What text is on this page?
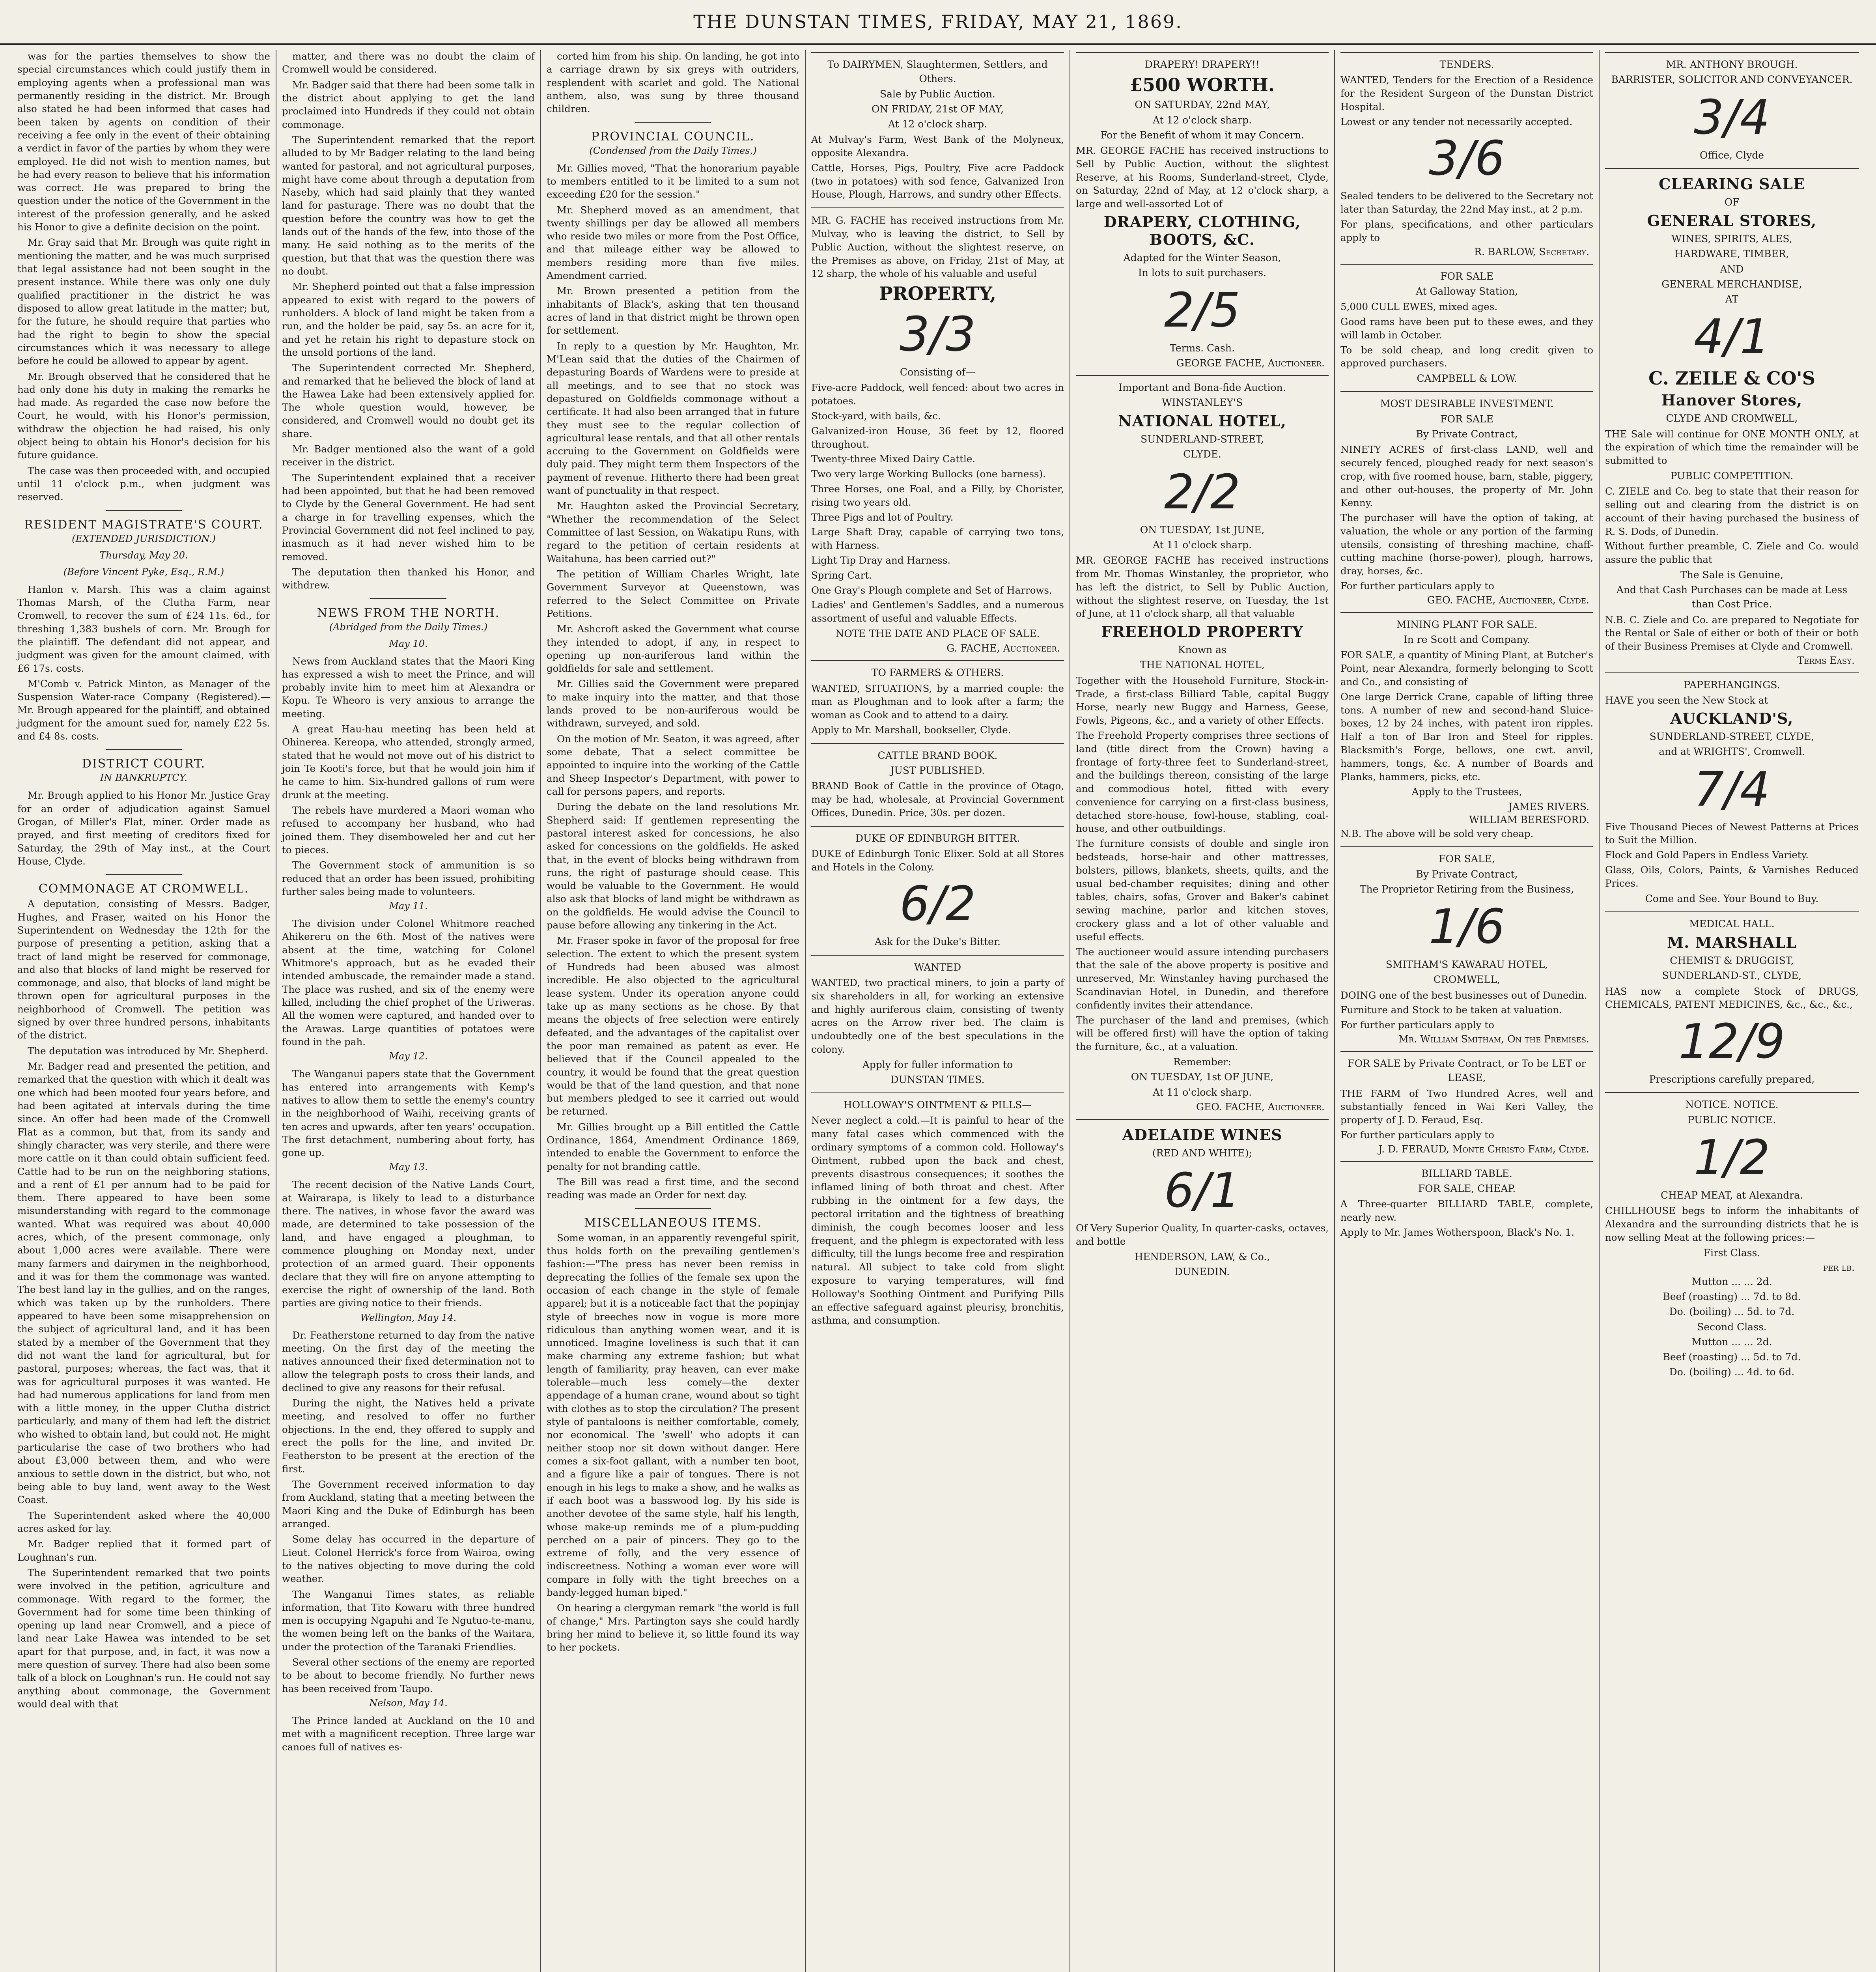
THE DUNSTAN TIMES, FRIDAY, MAY 21, 1869.

was for the parties themselves to show the special circumstances which could justify them in employing agents when a professional man was permanently residing in the district. Mr. Brough also stated he had been informed that cases had been taken by agents on condition of their receiving a fee only in the event of their obtaining a verdict in favor of the parties by whom they were employed. He did not wish to mention names, but he had every reason to believe that his information was correct. He was prepared to bring the question under the notice of the Government in the interest of the profession generally, and he asked his Honor to give a definite decision on the point.

Mr. Gray said that Mr. Brough was quite right in mentioning the matter, and he was much surprised that legal assistance had not been sought in the present instance. While there was only one duly qualified practitioner in the district he was disposed to allow great latitude in the matter; but, for the future, he should require that parties who had the right to begin to show the special circumstances which it was necessary to allege before he could be allowed to appear by agent.

Mr. Brough observed that he considered that he had only done his duty in making the remarks he had made. As regarded the case now before the Court, he would, with his Honor's permission, withdraw the objection he had raised, his only object being to obtain his Honor's decision for his future guidance.

The case was then proceeded with, and occupied until 11 o'clock p.m., when judgment was reserved.

RESIDENT MAGISTRATE'S COURT.
(EXTENDED JURISDICTION.)
Thursday, May 20.
(Before Vincent Pyke, Esq., R.M.)

Hanlon v. Marsh. This was a claim against Thomas Marsh, of the Clutha Farm, near Cromwell, to recover the sum of £24 11s. 6d., for threshing 1,383 bushels of corn. Mr. Brough for the plaintiff. The defendant did not appear, and judgment was given for the amount claimed, with £6 17s. costs.

M'Comb v. Patrick Minton, as Manager of the Suspension Water-race Company (Registered).—Mr. Brough appeared for the plaintiff, and obtained judgment for the amount sued for, namely £22 5s. and £4 8s. costs.

DISTRICT COURT.
IN BANKRUPTCY.

Mr. Brough applied to his Honor Mr. Justice Gray for an order of adjudication against Samuel Grogan, of Miller's Flat, miner. Order made as prayed, and first meeting of creditors fixed for Saturday, the 29th of May inst., at the Court House, Clyde.

COMMONAGE AT CROMWELL.

A deputation, consisting of Messrs. Badger, Hughes, and Fraser, waited on his Honor the Superintendent on Wednesday the 12th for the purpose of presenting a petition, asking that a tract of land might be reserved for commonage, and also that blocks of land might be reserved for commonage, and also, that blocks of land might be thrown open for agricultural purposes in the neighborhood of Cromwell. The petition was signed by over three hundred persons, inhabitants of the district.

The deputation was introduced by Mr. Shepherd.

Mr. Badger read and presented the petition, and remarked that the question with which it dealt was one which had been mooted four years before, and had been agitated at intervals during the time since. An offer had been made of the Cromwell Flat as a common, but that, from its sandy and shingly character, was very sterile, and there were more cattle on it than could obtain sufficient feed. Cattle had to be run on the neighboring stations, and a rent of £1 per annum had to be paid for them. There appeared to have been some misunderstanding with regard to the commonage wanted. What was required was about 40,000 acres, which, of the present commonage, only about 1,000 acres were available. There were many farmers and dairymen in the neighborhood, and it was for them the commonage was wanted. The best land lay in the gullies, and on the ranges, which was taken up by the runholders. There appeared to have been some misapprehension on the subject of agricultural land, and it has been stated by a member of the Government that they did not want the land for agricultural, but for pastoral, purposes; whereas, the fact was, that it was for agricultural purposes it was wanted. He had had numerous applications for land from men with a little money, in the upper Clutha district particularly, and many of them had left the district who wished to obtain land, but could not. He might particularise the case of two brothers who had about £3,000 between them, and who were anxious to settle down in the district, but who, not being able to buy land, went away to the West Coast.

The Superintendent asked where the 40,000 acres asked for lay.

Mr. Badger replied that it formed part of Loughnan's run.

The Superintendent remarked that two points were involved in the petition, agriculture and commonage. With regard to the former, the Government had for some time been thinking of opening up land near Cromwell, and a piece of land near Lake Hawea was intended to be set apart for that purpose, and, in fact, it was now a mere question of survey. There had also been some talk of a block on Loughnan's run. He could not say anything about commonage, the Government would deal with that

matter, and there was no doubt the claim of Cromwell would be considered.

Mr. Badger said that there had been some talk in the district about applying to get the land proclaimed into Hundreds if they could not obtain commonage.

The Superintendent remarked that the report alluded to by Mr Badger relating to the land being wanted for pastoral, and not agricultural purposes, might have come about through a deputation from Naseby, which had said plainly that they wanted land for pasturage. There was no doubt that the question before the country was how to get the lands out of the hands of the few, into those of the many. He said nothing as to the merits of the question, but that that was the question there was no doubt.

Mr. Shepherd pointed out that a false impression appeared to exist with regard to the powers of runholders. A block of land might be taken from a run, and the holder be paid, say 5s. an acre for it, and yet he retain his right to depasture stock on the unsold portions of the land.

The Superintendent corrected Mr. Shepherd, and remarked that he believed the block of land at the Hawea Lake had been extensively applied for. The whole question would, however, be considered, and Cromwell would no doubt get its share.

Mr. Badger mentioned also the want of a gold receiver in the district.

The Superintendent explained that a receiver had been appointed, but that he had been removed to Clyde by the General Government. He had sent a charge in for travelling expenses, which the Provincial Government did not feel inclined to pay, inasmuch as it had never wished him to be removed.

The deputation then thanked his Honor, and withdrew.

NEWS FROM THE NORTH.
(Abridged from the Daily Times.)
May 10.

News from Auckland states that the Maori King has expressed a wish to meet the Prince, and will probably invite him to meet him at Alexandra or Kopu. Te Wheoro is very anxious to arrange the meeting.

A great Hau-hau meeting has been held at Ohinerea. Kereopa, who attended, strongly armed, stated that he would not move out of his district to join Te Kooti's force, but that he would join him if he came to him. Six-hundred gallons of rum were drunk at the meeting.

The rebels have murdered a Maori woman who refused to accompany her husband, who had joined them. They disemboweled her and cut her to pieces.

The Government stock of ammunition is so reduced that an order has been issued, prohibiting further sales being made to volunteers.

May 11.

The division under Colonel Whitmore reached Ahikereru on the 6th. Most of the natives were absent at the time, watching for Colonel Whitmore's approach, but as he evaded their intended ambuscade, the remainder made a stand. The place was rushed, and six of the enemy were killed, including the chief prophet of the Uriweras. All the women were captured, and handed over to the Arawas. Large quantities of potatoes were found in the pah.

May 12.

The Wanganui papers state that the Government has entered into arrangements with Kemp's natives to allow them to settle the enemy's country in the neighborhood of Waihi, receiving grants of ten acres and upwards, after ten years' occupation. The first detachment, numbering about forty, has gone up.

May 13.

The recent decision of the Native Lands Court, at Wairarapa, is likely to lead to a disturbance there. The natives, in whose favor the award was made, are determined to take possession of the land, and have engaged a ploughman, to commence ploughing on Monday next, under protection of an armed guard. Their opponents declare that they will fire on anyone attempting to exercise the right of ownership of the land. Both parties are giving notice to their friends.

Wellington, May 14.

Dr. Featherstone returned to day from the native meeting. On the first day of the meeting the natives announced their fixed determination not to allow the telegraph posts to cross their lands, and declined to give any reasons for their refusal.

During the night, the Natives held a private meeting, and resolved to offer no further objections. In the end, they offered to supply and erect the polls for the line, and invited Dr. Featherston to be present at the erection of the first.

The Government received information to day from Auckland, stating that a meeting between the Maori King and the Duke of Edinburgh has been arranged.

Some delay has occurred in the departure of Lieut. Colonel Herrick's force from Wairoa, owing to the natives objecting to move during the cold weather.

The Wanganui Times states, as reliable information, that Tito Kowaru with three hundred men is occupying Ngapuhi and Te Ngutuo-te-manu, the women being left on the banks of the Waitara, under the protection of the Taranaki Friendlies.

Several other sections of the enemy are reported to be about to become friendly. No further news has been received from Taupo.

Nelson, May 14.

The Prince landed at Auckland on the 10 and met with a magnificent reception. Three large war canoes full of natives es-

corted him from his ship. On landing, he got into a carriage drawn by six greys with outriders, resplendent with scarlet and gold. The National anthem, also, was sung by three thousand children.

PROVINCIAL COUNCIL.
(Condensed from the Daily Times.)

Mr. Gillies moved, "That the honorarium payable to members entitled to it be limited to a sum not exceeding £20 for the session."

Mr. Shepherd moved as an amendment, that twenty shillings per day be allowed all members who reside two miles or more from the Post Office, and that mileage either way be allowed to members residing more than five miles. Amendment carried.

Mr. Brown presented a petition from the inhabitants of Black's, asking that ten thousand acres of land in that district might be thrown open for settlement.

In reply to a question by Mr. Haughton, Mr. M'Lean said that the duties of the Chairmen of depasturing Boards of Wardens were to preside at all meetings, and to see that no stock was depastured on Goldfields commonage without a certificate. It had also been arranged that in future they must see to the regular collection of agricultural lease rentals, and that all other rentals accruing to the Government on Goldfields were duly paid. They might term them Inspectors of the payment of revenue. Hitherto there had been great want of punctuality in that respect.

Mr. Haughton asked the Provincial Secretary, "Whether the recommendation of the Select Committee of last Session, on Wakatipu Runs, with regard to the petition of certain residents at Waitahuna, has been carried out?"

The petition of William Charles Wright, late Government Surveyor at Queenstown, was referred to the Select Committee on Private Petitions.

Mr. Ashcroft asked the Government what course they intended to adopt, if any, in respect to opening up non-auriferous land within the goldfields for sale and settlement.

Mr. Gillies said the Government were prepared to make inquiry into the matter, and that those lands proved to be non-auriferous would be withdrawn, surveyed, and sold.

On the motion of Mr. Seaton, it was agreed, after some debate, That a select committee be appointed to inquire into the working of the Cattle and Sheep Inspector's Department, with power to call for persons papers, and reports.

During the debate on the land resolutions Mr. Shepherd said: If gentlemen representing the pastoral interest asked for concessions, he also asked for concessions on the goldfields. He asked that, in the event of blocks being withdrawn from runs, the right of pasturage should cease. This would be valuable to the Government. He would also ask that blocks of land might be withdrawn as on the goldfields. He would advise the Council to pause before allowing any tinkering in the Act.

Mr. Fraser spoke in favor of the proposal for free selection. The extent to which the present system of Hundreds had been abused was almost incredible. He also objected to the agricultural lease system. Under its operation anyone could take up as many sections as he chose. By that means the objects of free selection were entirely defeated, and the advantages of the capitalist over the poor man remained as patent as ever. He believed that if the Council appealed to the country, it would be found that the great question would be that of the land question, and that none but members pledged to see it carried out would be returned.

Mr. Gillies brought up a Bill entitled the Cattle Ordinance, 1864, Amendment Ordinance 1869, intended to enable the Government to enforce the penalty for not branding cattle.

The Bill was read a first time, and the second reading was made an Order for next day.

MISCELLANEOUS ITEMS.

Some woman, in an apparently revengeful spirit, thus holds forth on the prevailing gentlemen's fashion:—"The press has never been remiss in deprecating the follies of the female sex upon the occasion of each change in the style of female apparel; but it is a noticeable fact that the popinjay style of breeches now in vogue is more more ridiculous than anything women wear, and it is unnoticed. Imagine loveliness is such that it can make charming any extreme fashion; but what length of familiarity, pray heaven, can ever make tolerable—much less comely—the dexter appendage of a human crane, wound about so tight with clothes as to stop the circulation? The present style of pantaloons is neither comfortable, comely, nor economical. The 'swell' who adopts it can neither stoop nor sit down without danger. Here comes a six-foot gallant, with a number ten boot, and a figure like a pair of tongues. There is not enough in his legs to make a show, and he walks as if each boot was a basswood log. By his side is another devotee of the same style, half his length, whose make-up reminds me of a plum-pudding perched on a pair of pincers. They go to the extreme of folly, and the very essence of indiscreetness. Nothing a woman ever wore will compare in folly with the tight breeches on a bandy-legged human biped."

On hearing a clergyman remark "the world is full of change," Mrs. Partington says she could hardly bring her mind to believe it, so little found its way to her pockets.

To DAIRYMEN, Slaughtermen, Settlers, and Others.
Sale by Public Auction.
ON FRIDAY, 21st OF MAY,
At 12 o'clock sharp.

At Mulvay's Farm, West Bank of the Molyneux, opposite Alexandra.

Cattle, Horses, Pigs, Poultry, Five acre Paddock (two in potatoes) with sod fence, Galvanized Iron House, Plough, Harrows, and sundry other Effects.

MR. G. FACHE has received instructions from Mr. Mulvay, who is leaving the district, to Sell by Public Auction, without the slightest reserve, on the Premises as above, on Friday, 21st of May, at 12 sharp, the whole of his valuable and useful

PROPERTY,
3/3
Consisting of—

Five-acre Paddock, well fenced: about two acres in potatoes.

Stock-yard, with bails, &c.

Galvanized-iron House, 36 feet by 12, floored throughout.

Twenty-three Mixed Dairy Cattle.

Two very large Working Bullocks (one barness).

Three Horses, one Foal, and a Filly, by Chorister, rising two years old.

Three Pigs and lot of Poultry.

Large Shaft Dray, capable of carrying two tons, with Harness.

Light Tip Dray and Harness.

Spring Cart.

One Gray's Plough complete and Set of Harrows.

Ladies' and Gentlemen's Saddles, and a numerous assortment of useful and valuable Effects.

NOTE THE DATE AND PLACE OF SALE.
G. FACHE, Auctioneer.
TO FARMERS & OTHERS.

WANTED, SITUATIONS, by a married couple: the man as Ploughman and to look after a farm; the woman as Cook and to attend to a dairy.

Apply to Mr. Marshall, bookseller, Clyde.

CATTLE BRAND BOOK.
JUST PUBLISHED.

BRAND Book of Cattle in the province of Otago, may be had, wholesale, at Provincial Government Offices, Dunedin. Price, 30s. per dozen.

DUKE OF EDINBURGH BITTER.

DUKE of Edinburgh Tonic Elixer. Sold at all Stores and Hotels in the Colony.

6/2
Ask for the Duke's Bitter.
WANTED

WANTED, two practical miners, to join a party of six shareholders in all, for working an extensive and highly auriferous claim, consisting of twenty acres on the Arrow river bed. The claim is undoubtedly one of the best speculations in the colony.

Apply for fuller information to
DUNSTAN TIMES.
HOLLOWAY'S OINTMENT & PILLS—

Never neglect a cold.—It is painful to hear of the many fatal cases which commenced with the ordinary symptoms of a common cold. Holloway's Ointment, rubbed upon the back and chest, prevents disastrous consequences; it soothes the inflamed lining of both throat and chest. After rubbing in the ointment for a few days, the pectoral irritation and the tightness of breathing diminish, the cough becomes looser and less frequent, and the phlegm is expectorated with less difficulty, till the lungs become free and respiration natural. All subject to take cold from slight exposure to varying temperatures, will find Holloway's Soothing Ointment and Purifying Pills an effective safeguard against pleurisy, bronchitis, asthma, and consumption.

DRAPERY! DRAPERY!!
£500 WORTH.
ON SATURDAY, 22nd MAY,
At 12 o'clock sharp.
For the Benefit of whom it may Concern.

MR. GEORGE FACHE has received instructions to Sell by Public Auction, without the slightest Reserve, at his Rooms, Sunderland-street, Clyde, on Saturday, 22nd of May, at 12 o'clock sharp, a large and well-assorted Lot of

DRAPERY, CLOTHING, BOOTS, &C.
Adapted for the Winter Season,
In lots to suit purchasers.
2/5
Terms. Cash.
GEORGE FACHE, Auctioneer.
Important and Bona-fide Auction.
WINSTANLEY'S
NATIONAL HOTEL,
SUNDERLAND-STREET,
CLYDE.
2/2
ON TUESDAY, 1st JUNE,
At 11 o'clock sharp.

MR. GEORGE FACHE has received instructions from Mr. Thomas Winstanley, the proprietor, who has left the district, to Sell by Public Auction, without the slightest reserve, on Tuesday, the 1st of June, at 11 o'clock sharp, all that valuable

FREEHOLD PROPERTY
Known as
THE NATIONAL HOTEL,

Together with the Household Furniture, Stock-in-Trade, a first-class Billiard Table, capital Buggy Horse, nearly new Buggy and Harness, Geese, Fowls, Pigeons, &c., and a variety of other Effects.

The Freehold Property comprises three sections of land (title direct from the Crown) having a frontage of forty-three feet to Sunderland-street, and the buildings thereon, consisting of the large and commodious hotel, fitted with every convenience for carrying on a first-class business, detached store-house, fowl-house, stabling, coal-house, and other outbuildings.

The furniture consists of double and single iron bedsteads, horse-hair and other mattresses, bolsters, pillows, blankets, sheets, quilts, and the usual bed-chamber requisites; dining and other tables, chairs, sofas, Grover and Baker's cabinet sewing machine, parlor and kitchen stoves, crockery glass and a lot of other valuable and useful effects.

The auctioneer would assure intending purchasers that the sale of the above property is positive and unreserved, Mr. Winstanley having purchased the Scandinavian Hotel, in Dunedin, and therefore confidently invites their attendance.

The purchaser of the land and premises, (which will be offered first) will have the option of taking the furniture, &c., at a valuation.

Remember:
ON TUESDAY, 1st OF JUNE,
At 11 o'clock sharp.
GEO. FACHE, Auctioneer.
ADELAIDE WINES
(RED AND WHITE);
6/1

Of Very Superior Quality, In quarter-casks, octaves, and bottle

HENDERSON, LAW, & Co.,
DUNEDIN.
TENDERS.

WANTED, Tenders for the Erection of a Residence for the Resident Surgeon of the Dunstan District Hospital.

Lowest or any tender not necessarily accepted.

3/6

Sealed tenders to be delivered to the Secretary not later than Saturday, the 22nd May inst., at 2 p.m.

For plans, specifications, and other particulars apply to

R. BARLOW, Secretary.
FOR SALE
At Galloway Station,

5,000 CULL EWES, mixed ages.

Good rams have been put to these ewes, and they will lamb in October.

To be sold cheap, and long credit given to approved purchasers.

CAMPBELL & LOW.
MOST DESIRABLE INVESTMENT.
FOR SALE
By Private Contract,

NINETY ACRES of first-class LAND, well and securely fenced, ploughed ready for next season's crop, with five roomed house, barn, stable, piggery, and other out-houses, the property of Mr. John Kenny.

The purchaser will have the option of taking, at valuation, the whole or any portion of the farming utensils, consisting of threshing machine, chaff-cutting machine (horse-power), plough, harrows, dray, horses, &c.

For further particulars apply to

GEO. FACHE, Auctioneer, Clyde.
MINING PLANT FOR SALE.
In re Scott and Company.

FOR SALE, a quantity of Mining Plant, at Butcher's Point, near Alexandra, formerly belonging to Scott and Co., and consisting of

One large Derrick Crane, capable of lifting three tons. A number of new and second-hand Sluice-boxes, 12 by 24 inches, with patent iron ripples. Half a ton of Bar Iron and Steel for ripples. Blacksmith's Forge, bellows, one cwt. anvil, hammers, tongs, &c. A number of Boards and Planks, hammers, picks, etc.

Apply to the Trustees,
JAMES RIVERS.
WILLIAM BERESFORD.

N.B. The above will be sold very cheap.

FOR SALE,
By Private Contract,
The Proprietor Retiring from the Business,
1/6
SMITHAM'S KAWARAU HOTEL,
CROMWELL,

DOING one of the best businesses out of Dunedin.

Furniture and Stock to be taken at valuation.

For further particulars apply to

Mr. William Smitham, On the Premises.
FOR SALE by Private Contract, or To be LET or LEASE,

THE FARM of Two Hundred Acres, well and substantially fenced in Wai Keri Valley, the property of J. D. Feraud, Esq.

For further particulars apply to

J. D. FERAUD, Monte Christo Farm, Clyde.
BILLIARD TABLE.
FOR SALE, CHEAP.

A Three-quarter BILLIARD TABLE, complete, nearly new.

Apply to Mr. James Wotherspoon, Black's No. 1.

MR. ANTHONY BROUGH.
BARRISTER, SOLICITOR AND CONVEYANCER.
3/4
Office, Clyde
CLEARING SALE
OF
GENERAL STORES,
WINES, SPIRITS, ALES,
HARDWARE, TIMBER,
AND
GENERAL MERCHANDISE,
AT
4/1
C. ZEILE & CO'S
Hanover Stores,
CLYDE AND CROMWELL,

THE Sale will continue for ONE MONTH ONLY, at the expiration of which time the remainder will be submitted to

PUBLIC COMPETITION.

C. ZIELE and Co. beg to state that their reason for selling out and clearing from the district is on account of their having purchased the business of R. S. Dods, of Dunedin.

Without further preamble, C. Ziele and Co. would assure the public that

The Sale is Genuine,
And that Cash Purchases can be made at Less than Cost Price.

N.B. C. Ziele and Co. are prepared to Negotiate for the Rental or Sale of either or both of their or both of their Business Premises at Clyde and Cromwell.

Terms Easy.
PAPERHANGINGS.

HAVE you seen the New Stock at

AUCKLAND'S,
SUNDERLAND-STREET, CLYDE,
and at WRIGHTS', Cromwell.
7/4

Five Thousand Pieces of Newest Patterns at Prices to Suit the Million.

Flock and Gold Papers in Endless Variety.

Glass, Oils, Colors, Paints, & Varnishes Reduced Prices.

Come and See. Your Bound to Buy.
MEDICAL HALL.
M. MARSHALL
CHEMIST & DRUGGIST,
SUNDERLAND-ST., CLYDE,

HAS now a complete Stock of DRUGS, CHEMICALS, PATENT MEDICINES, &c., &c., &c.,

12/9
Prescriptions carefully prepared,
NOTICE. NOTICE.
PUBLIC NOTICE.
1/2
CHEAP MEAT, at Alexandra.

CHILLHOUSE begs to inform the inhabitants of Alexandra and the surrounding districts that he is now selling Meat at the following prices:—

First Class.
per lb.
Mutton ... ... 2d.
Beef (roasting) ... 7d. to 8d.
Do. (boiling) ... 5d. to 7d.
Second Class.
Mutton ... ... 2d.
Beef (roasting) ... 5d. to 7d.
Do. (boiling) ... 4d. to 6d.
